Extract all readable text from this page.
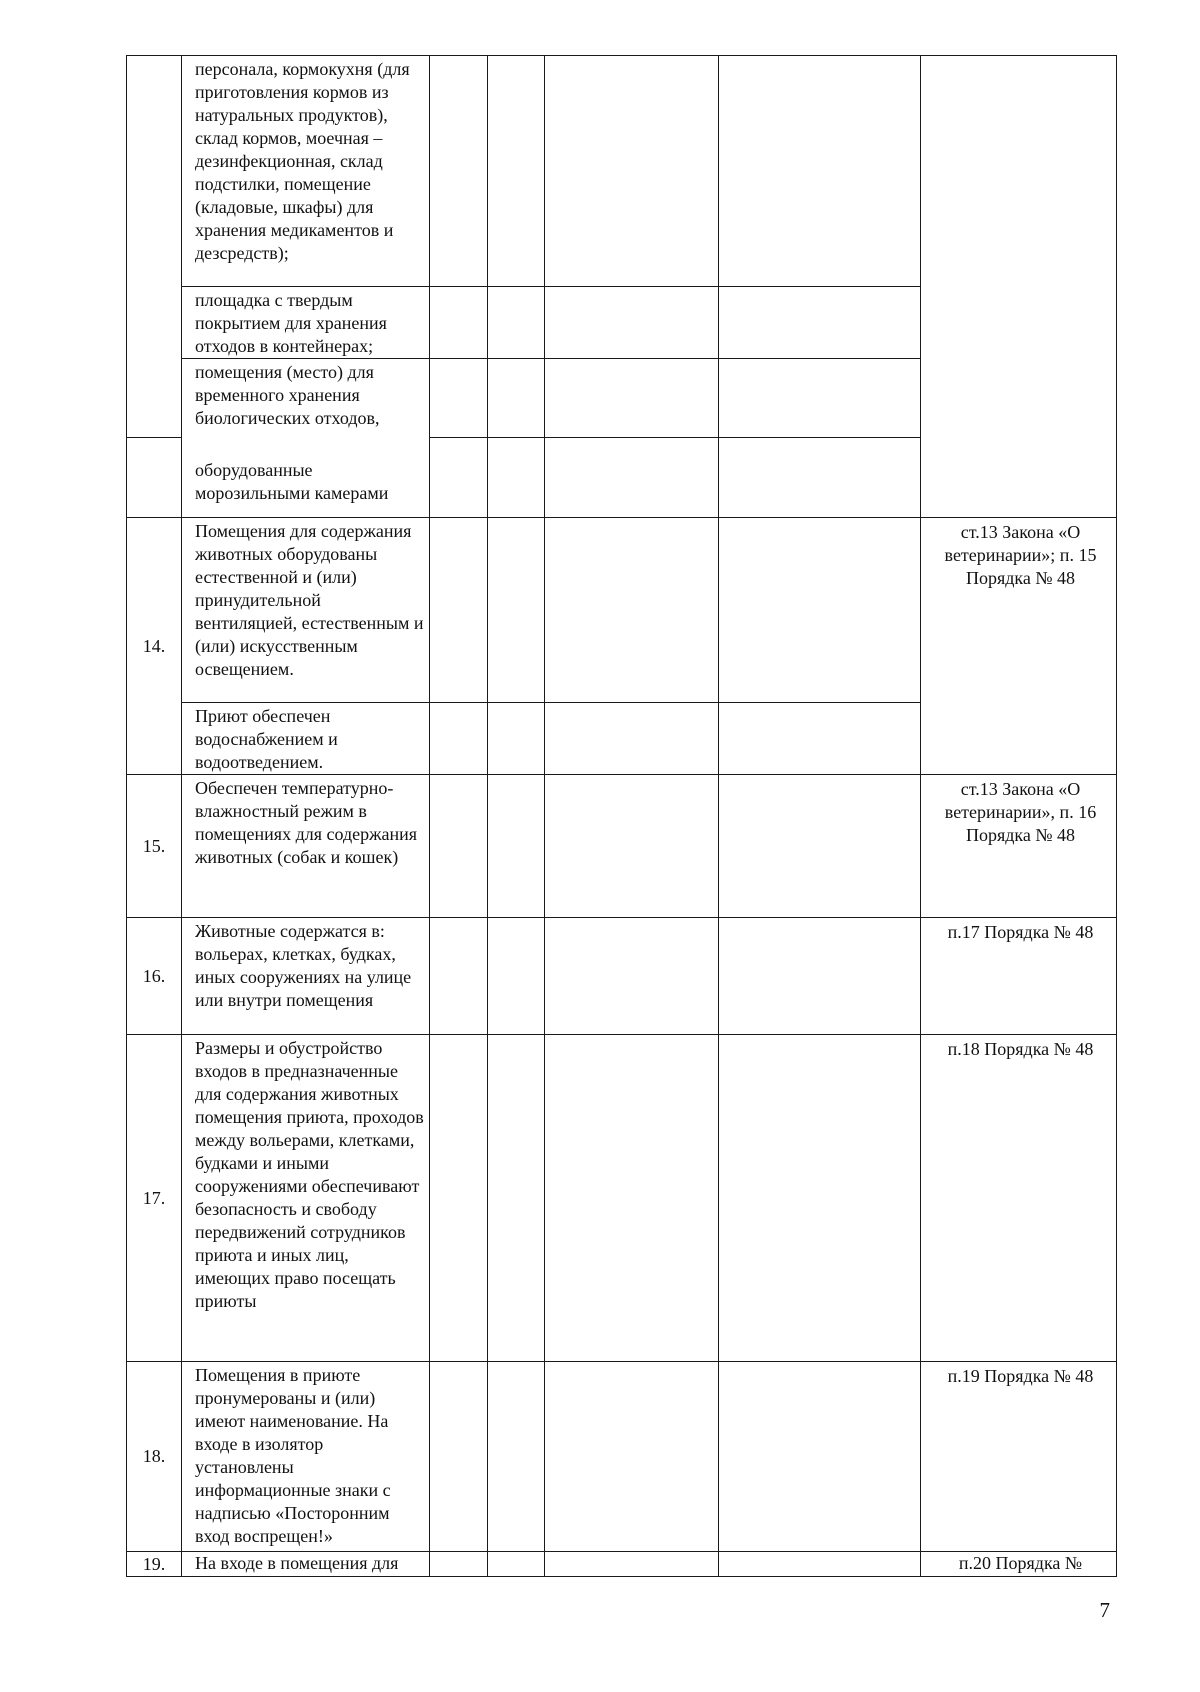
	персонала, кормокухня (для приготовления кормов из натуральных продуктов), склад кормов, моечная – дезинфекционная, склад подстилки, помещение (кладовые, шкафы) для хранения медикаментов и дезсредств);					
	площадка с твердым покрытием для хранения отходов в контейнерах;					
	помещения (место) для временного хранения биологических отходов,					
	оборудованные морозильными камерами					
14.	Помещения для содержания животных оборудованы естественной и (или) принудительной вентиляцией, естественным и (или) искусственным освещением.					ст.13 Закона «О ветеринарии»; п. 15 Порядка № 48
	Приют обеспечен водоснабжением и водоотведением.					
15.	Обеспечен температурно-влажностный режим в помещениях для содержания животных (собак и кошек)					ст.13 Закона «О ветеринарии», п. 16 Порядка № 48
16.	Животные содержатся в: вольерах, клетках, будках, иных сооружениях на улице или внутри помещения					п.17 Порядка № 48
17.	Размеры и обустройство входов в предназначенные для содержания животных помещения приюта, проходов между вольерами, клетками, будками и иными сооружениями обеспечивают безопасность и свободу передвижений сотрудников приюта и иных лиц, имеющих право посещать приюты					п.18 Порядка № 48
18.	Помещения в приюте пронумерованы и (или) имеют наименование. На входе в изолятор установлены информационные знаки с надписью «Посторонним вход воспрещен!»					п.19 Порядка № 48
19.	На входе в помещения для					п.20 Порядка №
7
